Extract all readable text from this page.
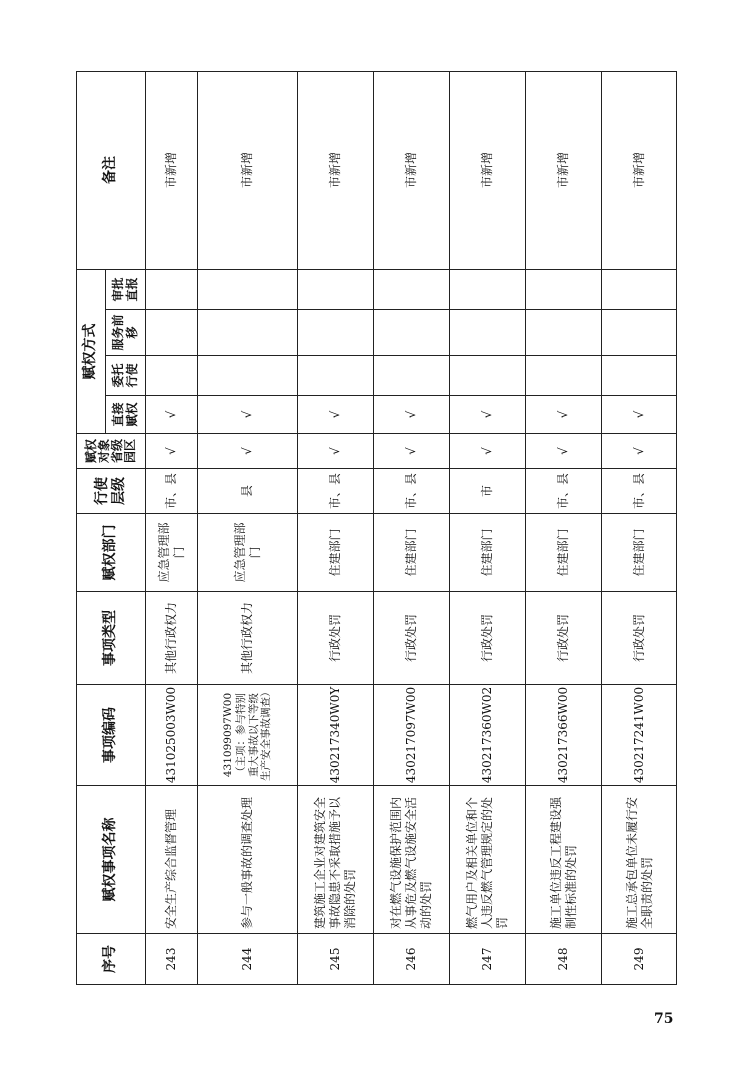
序号
赋权事项名称
事项编码
事项类型
赋权部门
行使层级
赋权对象省级园区
赋权方式
直接赋权
委托行使
服务前移
审批直报
备注
243
安全生产综合监督管理
431025003W00
其他行政权力
应急管理部门
市、县
√
√
市新增
244
参与一般事故的调查处理
431099097W00（主项：参与特别重大事故以下等级生产安全事故调查）
其他行政权力
应急管理部门
县
√
√
市新增
245
建筑施工企业对建筑安全事故隐患不采取措施予以消除的处罚
430217340W0Y
行政处罚
住建部门
市、县
√
√
市新增
246
对在燃气设施保护范围内从事危及燃气设施安全活动的处罚
430217097W00
行政处罚
住建部门
市、县
√
√
市新增
247
燃气用户及相关单位和个人违反燃气管理规定的处罚
430217360W02
行政处罚
住建部门
市
√
√
市新增
248
施工单位违反工程建设强制性标准的处罚
430217366W00
行政处罚
住建部门
市、县
√
√
市新增
249
施工总承包单位未履行安全职责的处罚
430217241W00
行政处罚
住建部门
市、县
√
√
市新增
75
